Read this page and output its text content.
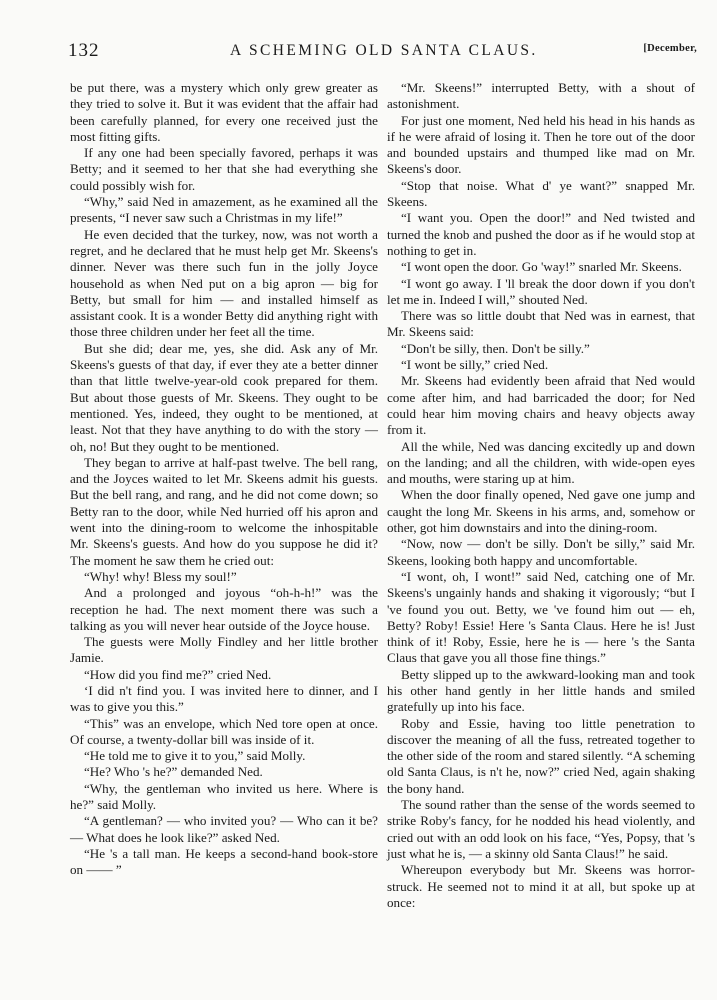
132	A SCHEMING OLD SANTA CLAUS.	[December,

be put there, was a mystery which only grew greater as they tried to solve it. But it was evident that the affair had been carefully planned, for every one received just the most fitting gifts.

If any one had been specially favored, perhaps it was Betty; and it seemed to her that she had everything she could possibly wish for.

“Why,” said Ned in amazement, as he examined all the presents, “I never saw such a Christmas in my life!”

He even decided that the turkey, now, was not worth a regret, and he declared that he must help get Mr. Skeens's dinner. Never was there such fun in the jolly Joyce household as when Ned put on a big apron — big for Betty, but small for him — and installed himself as assistant cook. It is a wonder Betty did anything right with those three children under her feet all the time.

But she did; dear me, yes, she did. Ask any of Mr. Skeens's guests of that day, if ever they ate a better dinner than that little twelve-year-old cook prepared for them. But about those guests of Mr. Skeens. They ought to be mentioned. Yes, indeed, they ought to be mentioned, at least. Not that they have anything to do with the story — oh, no! But they ought to be mentioned.

They began to arrive at half-past twelve. The bell rang, and the Joyces waited to let Mr. Skeens admit his guests. But the bell rang, and rang, and he did not come down; so Betty ran to the door, while Ned hurried off his apron and went into the dining-room to welcome the inhospitable Mr. Skeens's guests. And how do you suppose he did it? The moment he saw them he cried out:

“Why! why! Bless my soul!”

And a prolonged and joyous “oh-h-h!” was the reception he had. The next moment there was such a talking as you will never hear outside of the Joyce house.

The guests were Molly Findley and her little brother Jamie.

“How did you find me?” cried Ned.

‘I did n't find you. I was invited here to dinner, and I was to give you this.”

“This” was an envelope, which Ned tore open at once. Of course, a twenty-dollar bill was inside of it.

“He told me to give it to you,” said Molly.

“He? Who 's he?” demanded Ned.

“Why, the gentleman who invited us here. Where is he?” said Molly.

“A gentleman? — who invited you? — Who can it be? — What does he look like?” asked Ned.

“He 's a tall man. He keeps a second-hand book-store on —— ”

“Mr. Skeens!” interrupted Betty, with a shout of astonishment.

For just one moment, Ned held his head in his hands as if he were afraid of losing it. Then he tore out of the door and bounded upstairs and thumped like mad on Mr. Skeens's door.

“Stop that noise. What d' ye want?” snapped Mr. Skeens.

“I want you. Open the door!” and Ned twisted and turned the knob and pushed the door as if he would stop at nothing to get in.

“I wont open the door. Go 'way!” snarled Mr. Skeens.

“I wont go away. I 'll break the door down if you don't let me in. Indeed I will,” shouted Ned.

There was so little doubt that Ned was in earnest, that Mr. Skeens said:

“Don't be silly, then. Don't be silly.”

“I wont be silly,” cried Ned.

Mr. Skeens had evidently been afraid that Ned would come after him, and had barricaded the door; for Ned could hear him moving chairs and heavy objects away from it.

All the while, Ned was dancing excitedly up and down on the landing; and all the children, with wide-open eyes and mouths, were staring up at him.

When the door finally opened, Ned gave one jump and caught the long Mr. Skeens in his arms, and, somehow or other, got him downstairs and into the dining-room.

“Now, now — don't be silly. Don't be silly,” said Mr. Skeens, looking both happy and uncomfortable.

“I wont, oh, I wont!” said Ned, catching one of Mr. Skeens's ungainly hands and shaking it vigorously; “but I 've found you out. Betty, we 've found him out — eh, Betty? Roby! Essie! Here 's Santa Claus. Here he is! Just think of it! Roby, Essie, here he is — here 's the Santa Claus that gave you all those fine things.”

Betty slipped up to the awkward-looking man and took his other hand gently in her little hands and smiled gratefully up into his face.

Roby and Essie, having too little penetration to discover the meaning of all the fuss, retreated together to the other side of the room and stared silently. “A scheming old Santa Claus, is n't he, now?” cried Ned, again shaking the bony hand.

The sound rather than the sense of the words seemed to strike Roby's fancy, for he nodded his head violently, and cried out with an odd look on his face, “Yes, Popsy, that 's just what he is, — a skinny old Santa Claus!” he said.

Whereupon everybody but Mr. Skeens was horror-struck. He seemed not to mind it at all, but spoke up at once:
